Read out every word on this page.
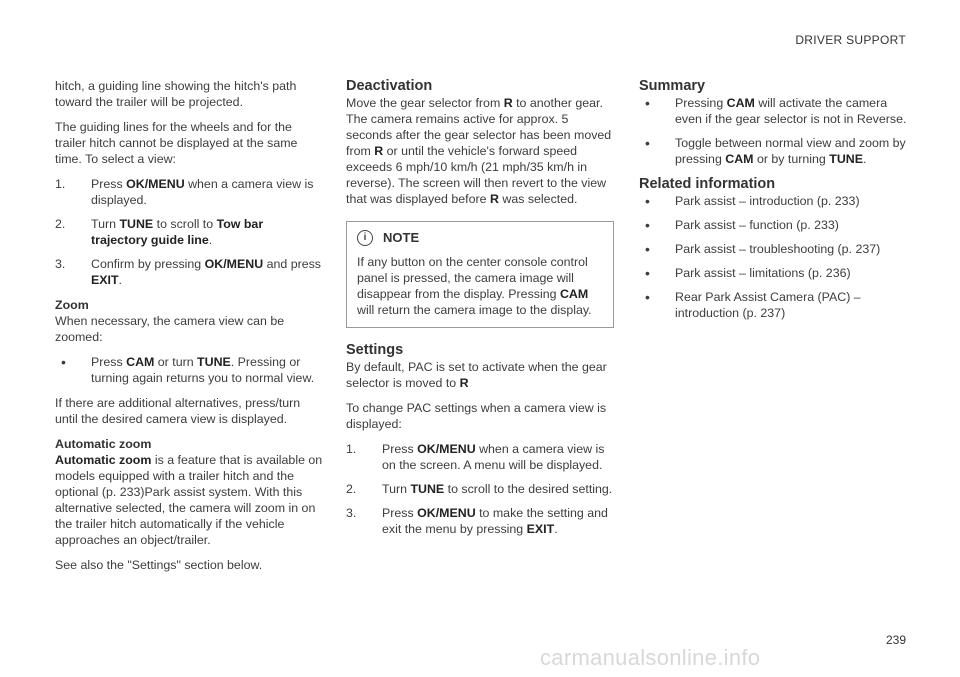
DRIVER SUPPORT

hitch, a guiding line showing the hitch's path toward the trailer will be projected.

The guiding lines for the wheels and for the trailer hitch cannot be displayed at the same time. To select a view:

1. Press OK/MENU when a camera view is displayed.
2. Turn TUNE to scroll to Tow bar trajectory guide line.
3. Confirm by pressing OK/MENU and press EXIT.
Zoom

When necessary, the camera view can be zoomed:

• Press CAM or turn TUNE. Pressing or turning again returns you to normal view.

If there are additional alternatives, press/turn until the desired camera view is displayed.

Automatic zoom

Automatic zoom is a feature that is available on models equipped with a trailer hitch and the optional (p. 233)Park assist system. With this alternative selected, the camera will zoom in on the trailer hitch automatically if the vehicle approaches an object/trailer.

See also the "Settings" section below.

Deactivation

Move the gear selector from R to another gear. The camera remains active for approx. 5 seconds after the gear selector has been moved from R or until the vehicle's forward speed exceeds 6 mph/10 km/h (21 mph/35 km/h in reverse). The screen will then revert to the view that was displayed before R was selected.

i	NOTE
If any button on the center console control panel is pressed, the camera image will disappear from the display. Pressing CAM will return the camera image to the display.
Settings

By default, PAC is set to activate when the gear selector is moved to R

To change PAC settings when a camera view is displayed:

1. Press OK/MENU when a camera view is on the screen. A menu will be displayed.
2. Turn TUNE to scroll to the desired setting.
3. Press OK/MENU to make the setting and exit the menu by pressing EXIT.
Summary
• Pressing CAM will activate the camera even if the gear selector is not in Reverse.
• Toggle between normal view and zoom by pressing CAM or by turning TUNE.
Related information
• Park assist – introduction (p. 233)
• Park assist – function (p. 233)
• Park assist – troubleshooting (p. 237)
• Park assist – limitations (p. 236)
• Rear Park Assist Camera (PAC) – introduction (p. 237)
239
carmanualsonline.info
